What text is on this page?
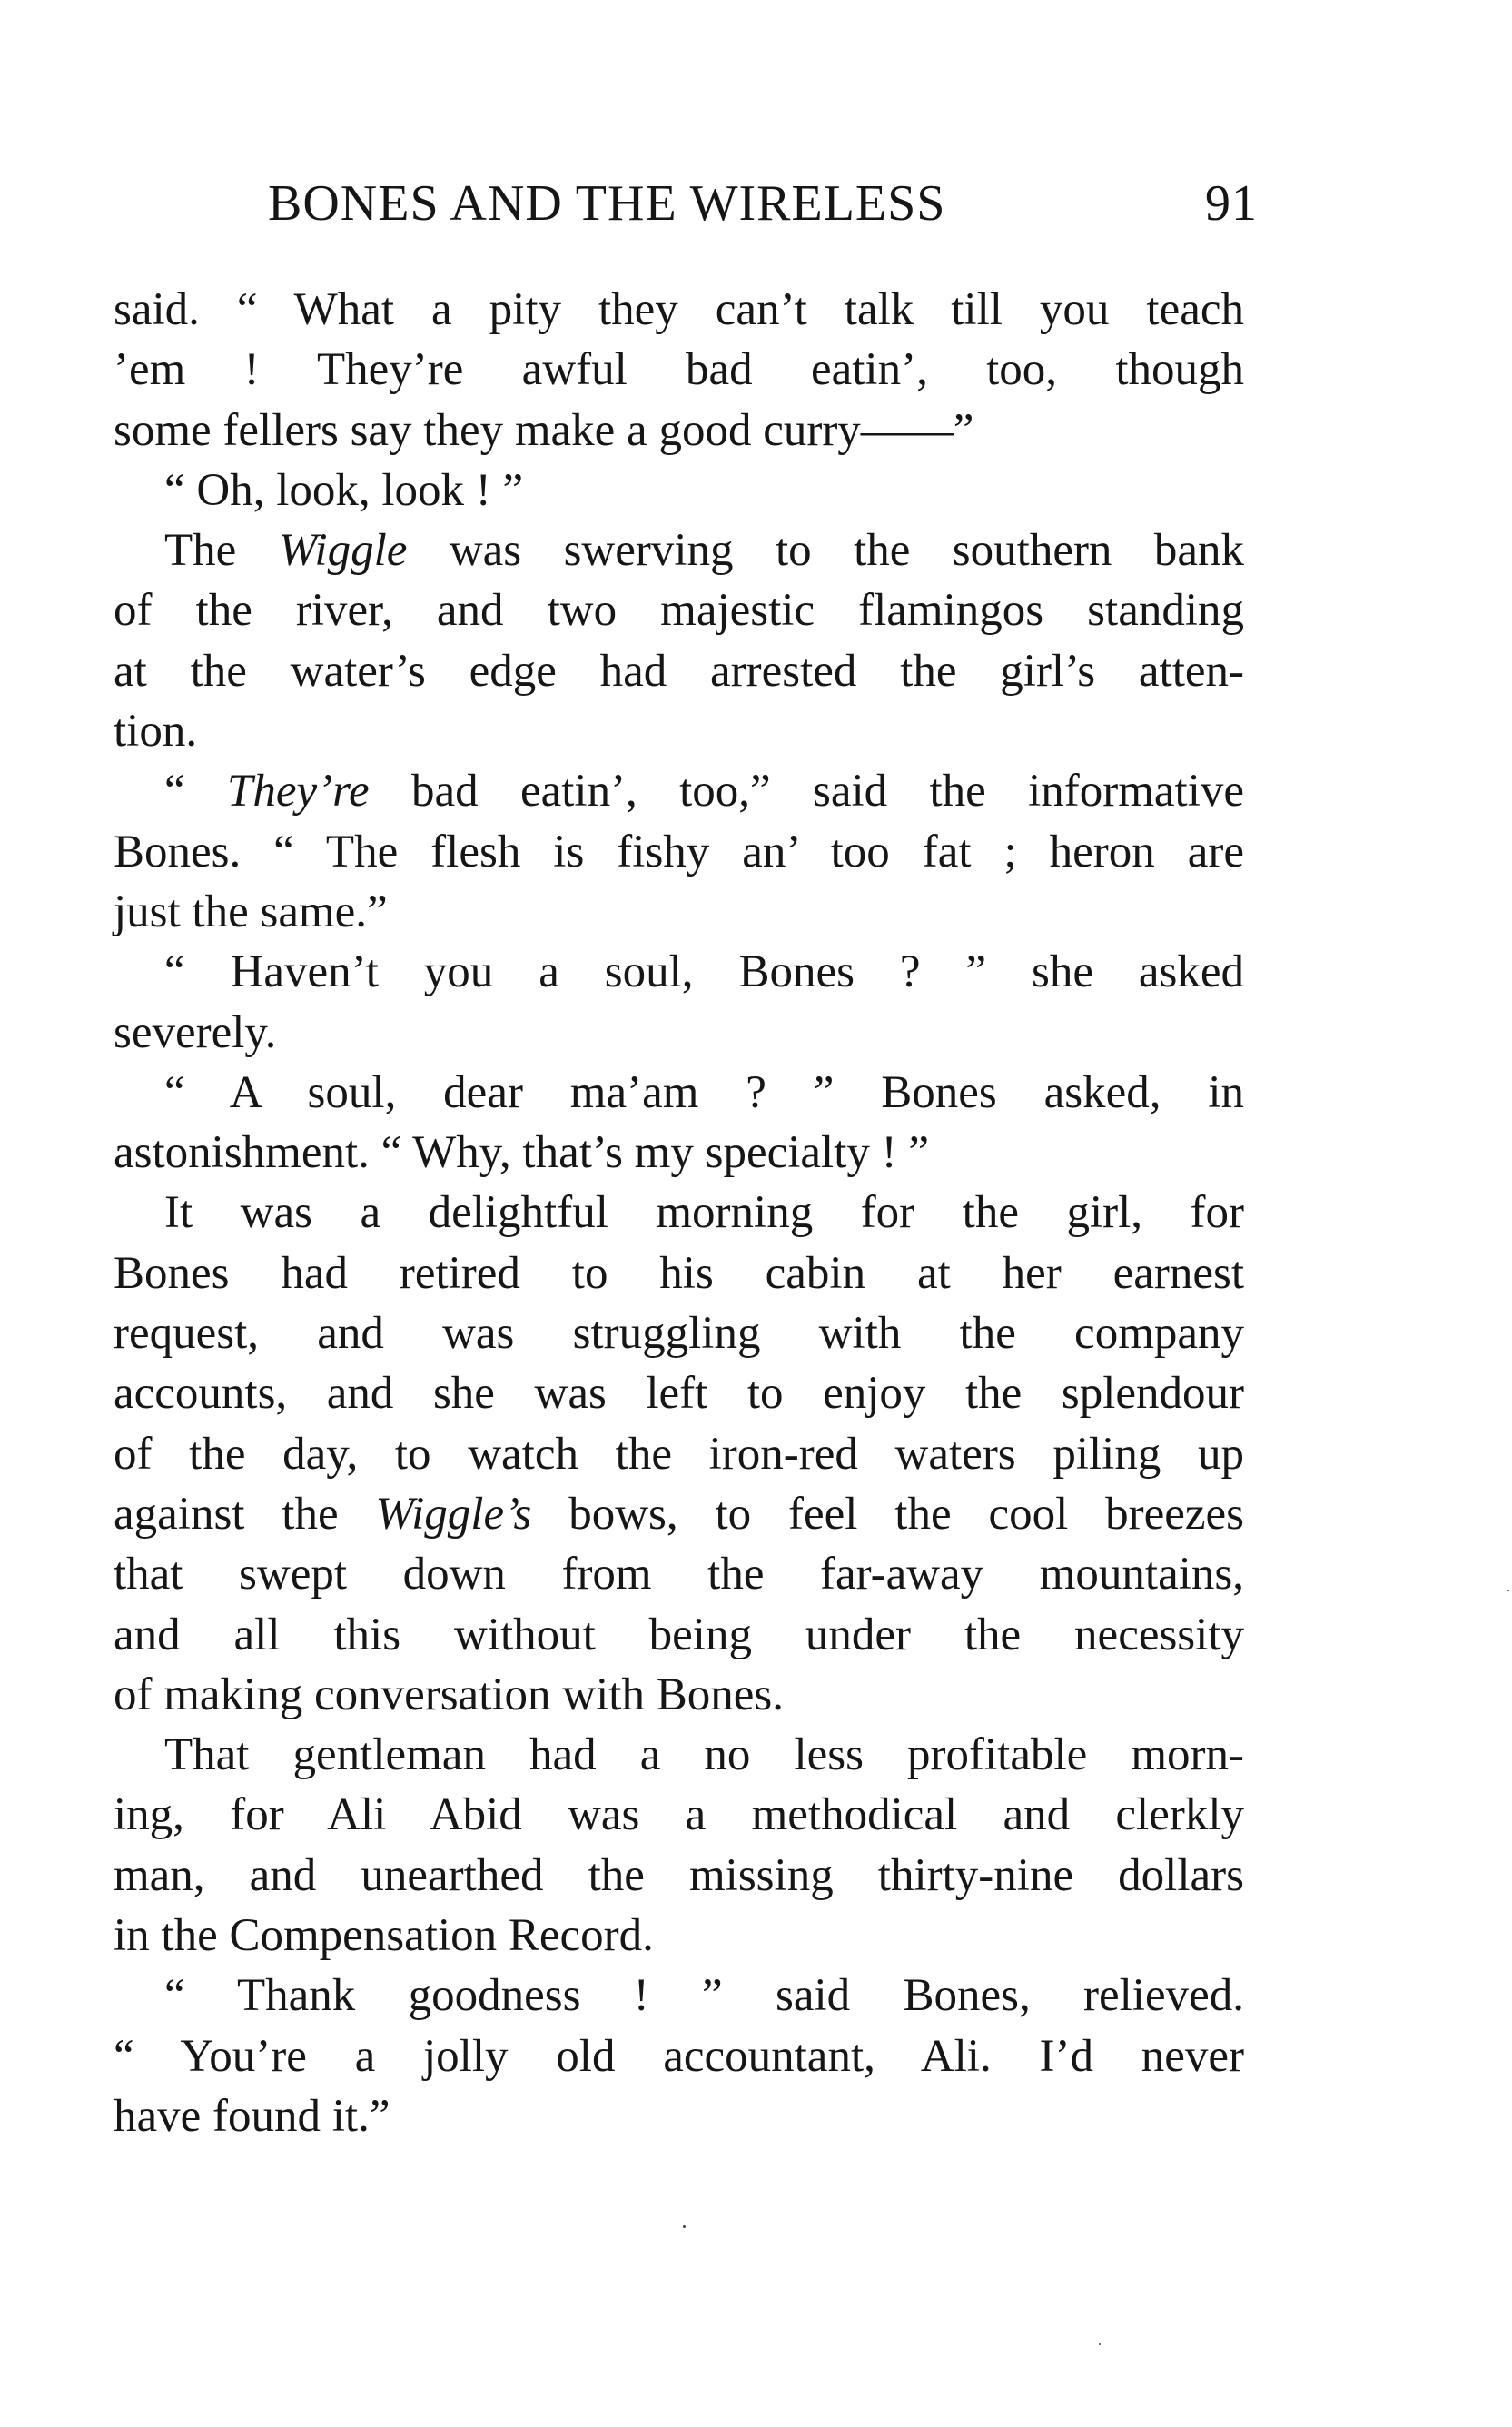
BONES AND THE WIRELESS	91
said. “ What a pity they can’t talk till you teach
’em ! They’re awful bad eatin’, too, though
some fellers say they make a good curry——”
“ Oh, look, look ! ”
The Wiggle was swerving to the southern bank
of the river, and two majestic flamingos standing
at the water’s edge had arrested the girl’s atten-
tion.
“ They’re bad eatin’, too,” said the informative
Bones. “ The flesh is fishy an’ too fat ; heron are
just the same.”
“ Haven’t you a soul, Bones ? ” she asked
severely.
“ A soul, dear ma’am ? ” Bones asked, in
astonishment. “ Why, that’s my specialty ! ”
It was a delightful morning for the girl, for
Bones had retired to his cabin at her earnest
request, and was struggling with the company
accounts, and she was left to enjoy the splendour
of the day, to watch the iron-red waters piling up
against the Wiggle’s bows, to feel the cool breezes
that swept down from the far-away mountains,
and all this without being under the necessity
of making conversation with Bones.
That gentleman had a no less profitable morn-
ing, for Ali Abid was a methodical and clerkly
man, and unearthed the missing thirty-nine dollars
in the Compensation Record.
“ Thank goodness ! ” said Bones, relieved.
“ You’re a jolly old accountant, Ali. I’d never
have found it.”
